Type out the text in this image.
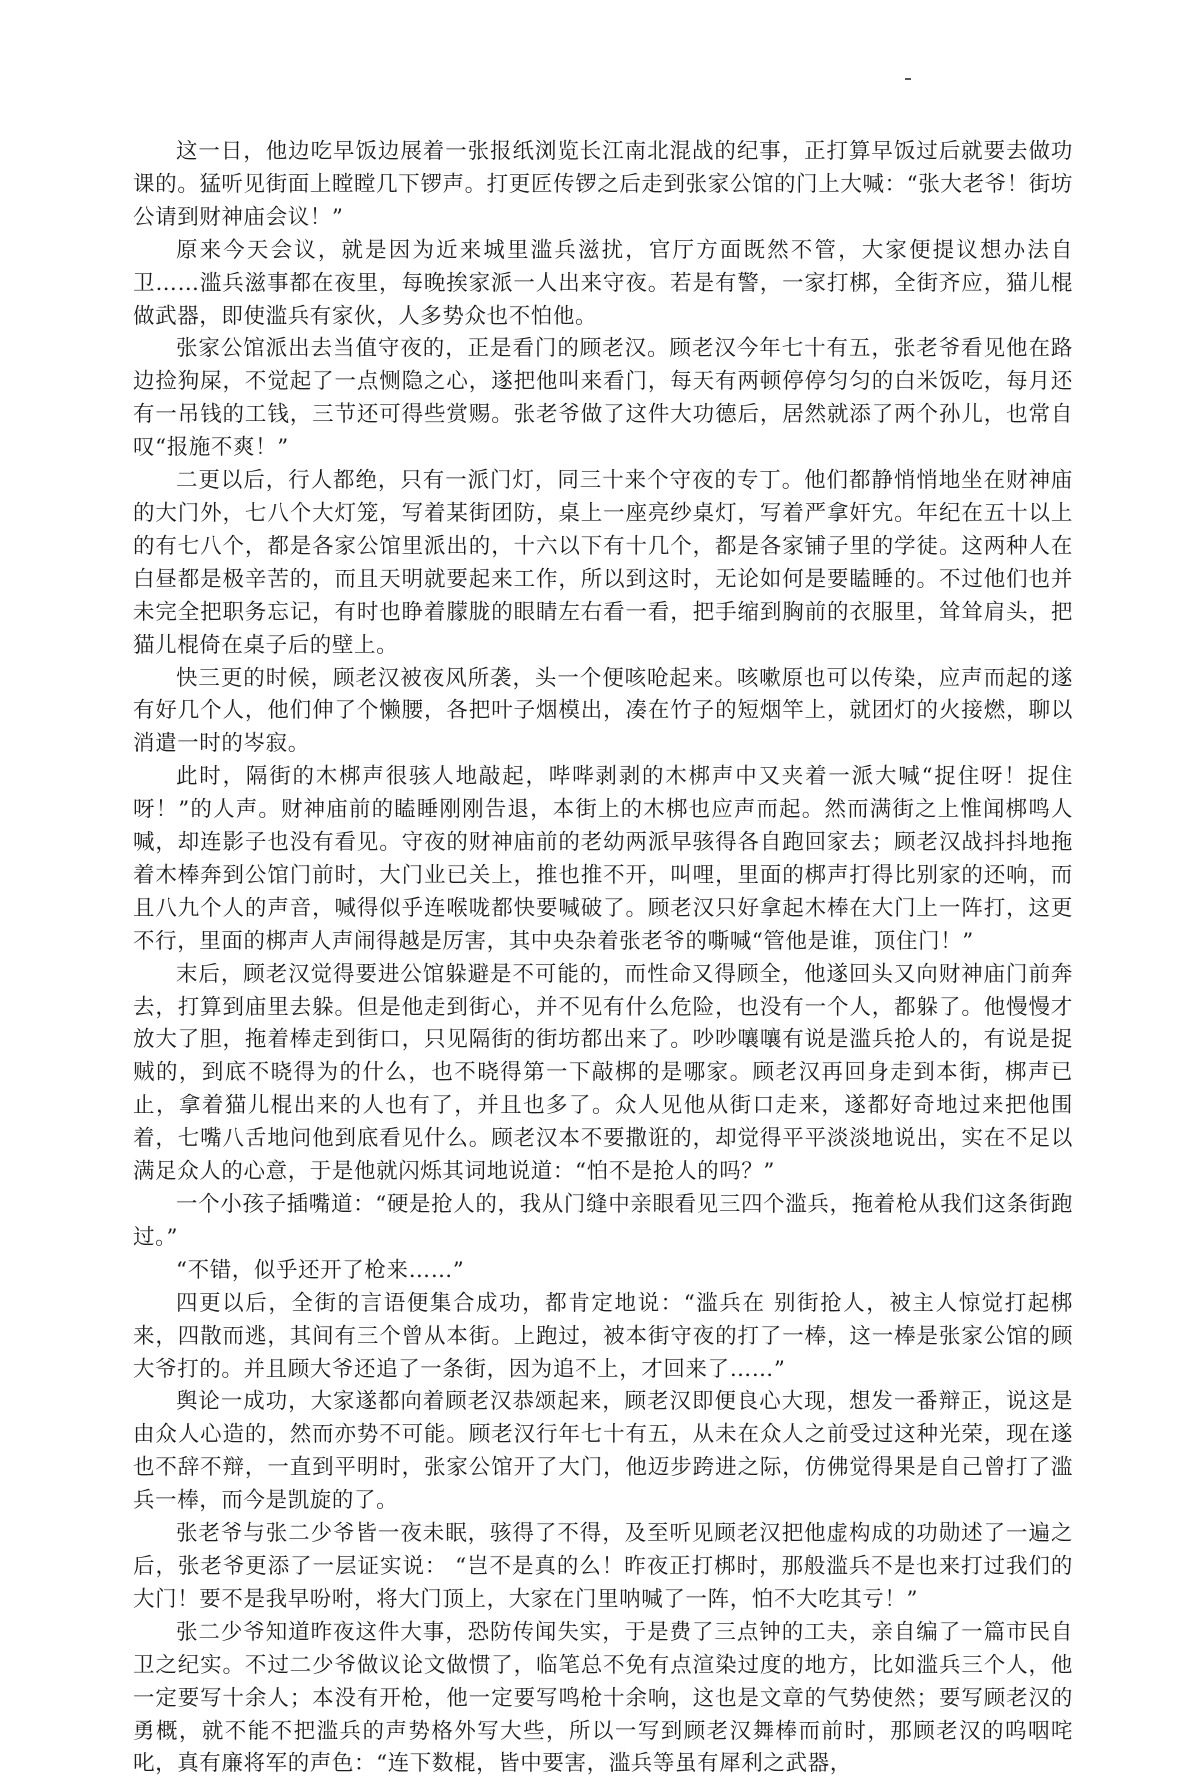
这一日，他边吃早饭边展着一张报纸浏览长江南北混战的纪事，正打算早饭过后就要去做功课的。猛听见街面上瞠瞠几下锣声。打更匠传锣之后走到张家公馆的门上大喊：“张大老爷！街坊公请到财神庙会议！”

原来今天会议，就是因为近来城里滥兵滋扰，官厅方面既然不管，大家便提议想办法自卫……滥兵滋事都在夜里，每晚挨家派一人出来守夜。若是有警，一家打梆，全街齐应，猫儿棍做武器，即使滥兵有家伙，人多势众也不怕他。

张家公馆派出去当值守夜的，正是看门的顾老汉。顾老汉今年七十有五，张老爷看见他在路边捡狗屎，不觉起了一点恻隐之心，遂把他叫来看门，每天有两顿停停匀匀的白米饭吃，每月还有一吊钱的工钱，三节还可得些赏赐。张老爷做了这件大功德后，居然就添了两个孙儿，也常自叹“报施不爽！”

二更以后，行人都绝，只有一派门灯，同三十来个守夜的专丁。他们都静悄悄地坐在财神庙的大门外，七八个大灯笼，写着某街团防，桌上一座亮纱桌灯，写着严拿奸宄。年纪在五十以上的有七八个，都是各家公馆里派出的，十六以下有十几个，都是各家铺子里的学徒。这两种人在白昼都是极辛苦的，而且天明就要起来工作，所以到这时，无论如何是要瞌睡的。不过他们也并未完全把职务忘记，有时也睁着朦胧的眼睛左右看一看，把手缩到胸前的衣服里，耸耸肩头，把猫儿棍倚在桌子后的壁上。

快三更的时候，顾老汉被夜风所袭，头一个便咳呛起来。咳嗽原也可以传染，应声而起的遂有好几个人，他们伸了个懒腰，各把叶子烟模出，凑在竹子的短烟竿上，就团灯的火接燃，聊以消遣一时的岑寂。

此时，隔街的木梆声很骇人地敲起，哔哔剥剥的木梆声中又夹着一派大喊“捉住呀！捉住呀！”的人声。财神庙前的瞌睡刚刚告退，本街上的木梆也应声而起。然而满街之上惟闻梆鸣人喊，却连影子也没有看见。守夜的财神庙前的老幼两派早骇得各自跑回家去；顾老汉战抖抖地拖着木棒奔到公馆门前时，大门业已关上，推也推不开，叫哩，里面的梆声打得比别家的还响，而且八九个人的声音，喊得似乎连喉咙都快要喊破了。顾老汉只好拿起木棒在大门上一阵打，这更不行，里面的梆声人声闹得越是厉害，其中央杂着张老爷的嘶喊“管他是谁，顶住门！”

末后，顾老汉觉得要进公馆躲避是不可能的，而性命又得顾全，他遂回头又向财神庙门前奔去，打算到庙里去躲。但是他走到街心，并不见有什么危险，也没有一个人，都躲了。他慢慢才放大了胆，拖着棒走到街口，只见隔街的街坊都出来了。吵吵嚷嚷有说是滥兵抢人的，有说是捉贼的，到底不晓得为的什么，也不晓得第一下敲梆的是哪家。顾老汉再回身走到本街，梆声已止，拿着猫儿棍出来的人也有了，并且也多了。众人见他从街口走来，遂都好奇地过来把他围着，七嘴八舌地问他到底看见什么。顾老汉本不要撒诳的，却觉得平平淡淡地说出，实在不足以满足众人的心意，于是他就闪烁其词地说道：“怕不是抢人的吗？”

一个小孩子插嘴道：“硬是抢人的，我从门缝中亲眼看见三四个滥兵，拖着枪从我们这条街跑过。”

“不错，似乎还开了枪来……”

四更以后，全街的言语便集合成功，都肯定地说：“滥兵在 别街抢人，被主人惊觉打起梆来，四散而逃，其间有三个曾从本街。上跑过，被本街守夜的打了一棒，这一棒是张家公馆的顾大爷打的。并且顾大爷还追了一条街，因为追不上，才回来了……”

舆论一成功，大家遂都向着顾老汉恭颂起来，顾老汉即便良心大现，想发一番辩正，说这是由众人心造的，然而亦势不可能。顾老汉行年七十有五，从未在众人之前受过这种光荣，现在遂也不辞不辩，一直到平明时，张家公馆开了大门，他迈步跨进之际，仿佛觉得果是自己曾打了滥兵一棒，而今是凯旋的了。

张老爷与张二少爷皆一夜未眠，骇得了不得，及至听见顾老汉把他虚构成的功勋述了一遍之后，张老爷更添了一层证实说： “岂不是真的么！昨夜正打梆时，那般滥兵不是也来打过我们的大门！要不是我早吩咐，将大门顶上，大家在门里呐喊了一阵，怕不大吃其亏！”

张二少爷知道昨夜这件大事，恐防传闻失实，于是费了三点钟的工夫，亲自编了一篇市民自卫之纪实。不过二少爷做议论文做惯了，临笔总不免有点渲染过度的地方，比如滥兵三个人，他一定要写十余人；本没有开枪，他一定要写鸣枪十余响，这也是文章的气势使然；要写顾老汉的勇概，就不能不把滥兵的声势格外写大些，所以一写到顾老汉舞棒而前时，那顾老汉的呜咽咤叱，真有廉将军的声色：“连下数棍，皆中要害，滥兵等虽有犀利之武器，
